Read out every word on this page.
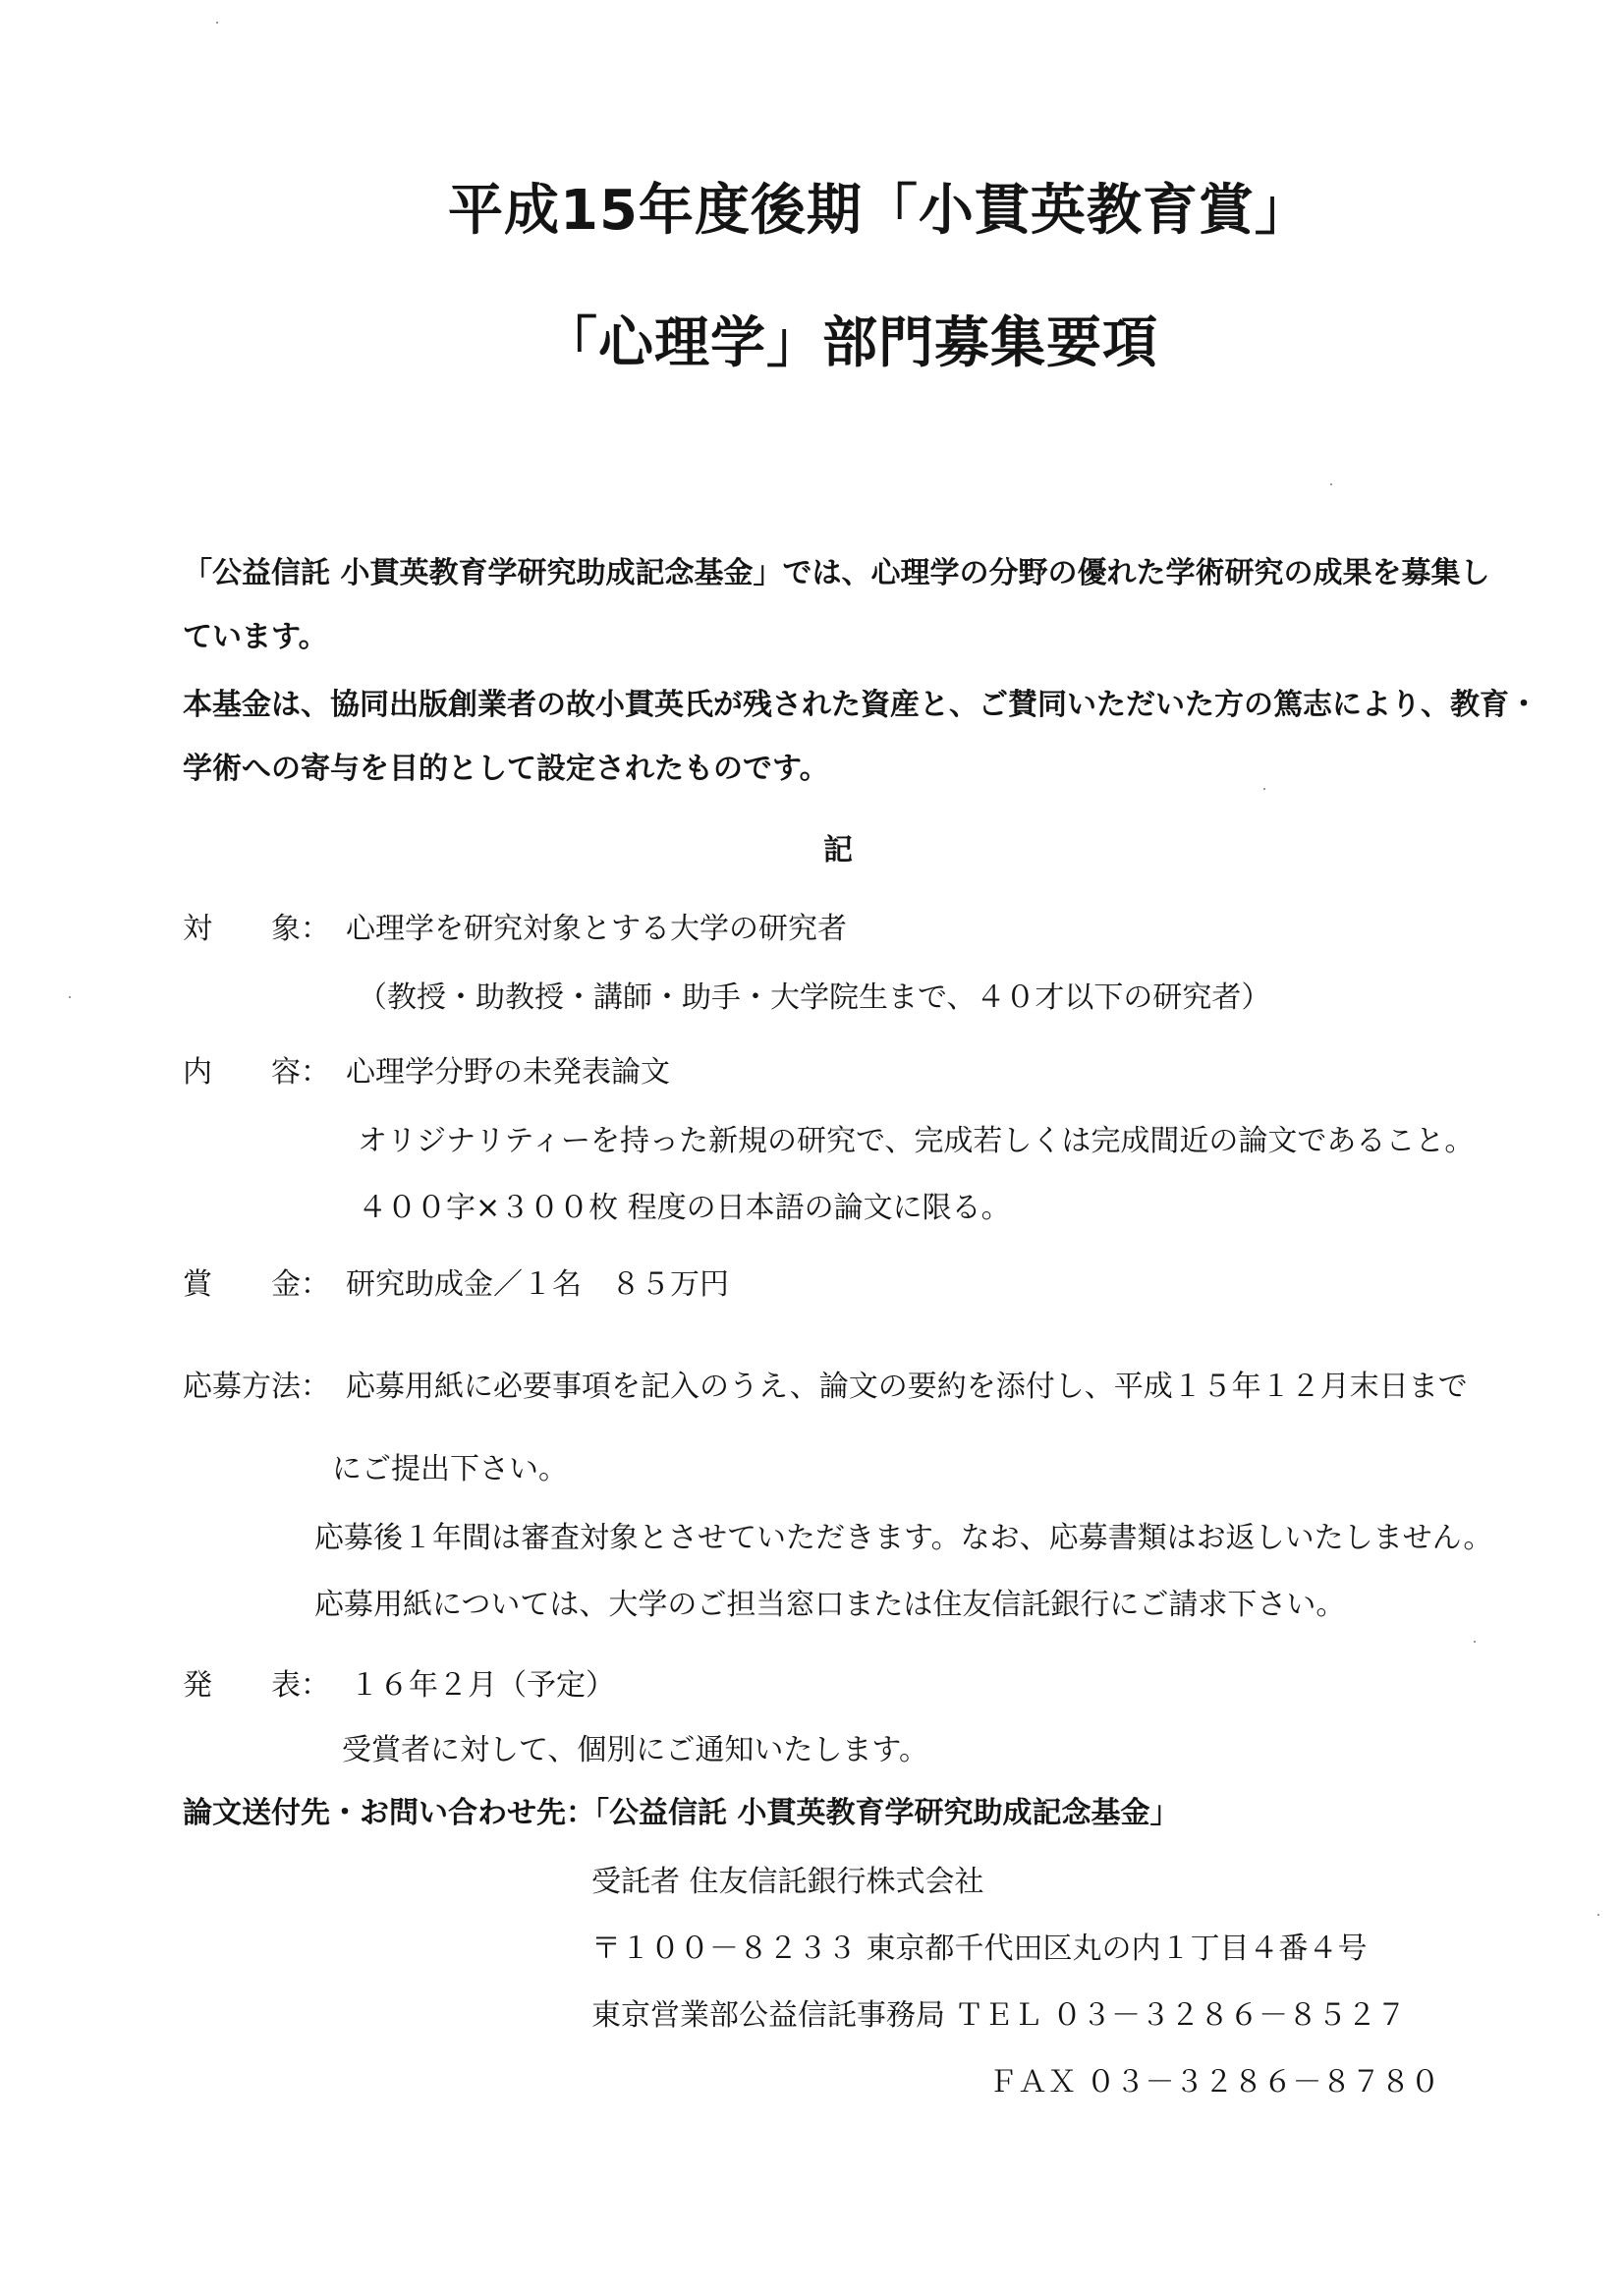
平成15年度後期「小貫英教育賞」
「心理学」部門募集要項
「公益信託 小貫英教育学研究助成記念基金」では、心理学の分野の優れた学術研究の成果を募集し
ています。
本基金は、協同出版創業者の故小貫英氏が残された資産と、ご賛同いただいた方の篤志により、教育・
学術への寄与を目的として設定されたものです。
記
対　　象： 心理学を研究対象とする大学の研究者
（教授・助教授・講師・助手・大学院生まで、４０才以下の研究者）
内　　容： 心理学分野の未発表論文
オリジナリティーを持った新規の研究で、完成若しくは完成間近の論文であること。
４００字×３００枚 程度の日本語の論文に限る。
賞　　金： 研究助成金／１名　８５万円
応募方法： 応募用紙に必要事項を記入のうえ、論文の要約を添付し、平成１５年１２月末日まで
にご提出下さい。
応募後１年間は審査対象とさせていただきます。なお、応募書類はお返しいたしません。
応募用紙については、大学のご担当窓口または住友信託銀行にご請求下さい。
発　　表： １６年２月（予定）
受賞者に対して、個別にご通知いたします。
論文送付先・お問い合わせ先：
「公益信託 小貫英教育学研究助成記念基金」
受託者 住友信託銀行株式会社
〒１００－８２３３ 東京都千代田区丸の内１丁目４番４号
東京営業部公益信託事務局 ＴＥＬ ０３－３２８６－８５２７
ＦＡＸ ０３－３２８６－８７８０
